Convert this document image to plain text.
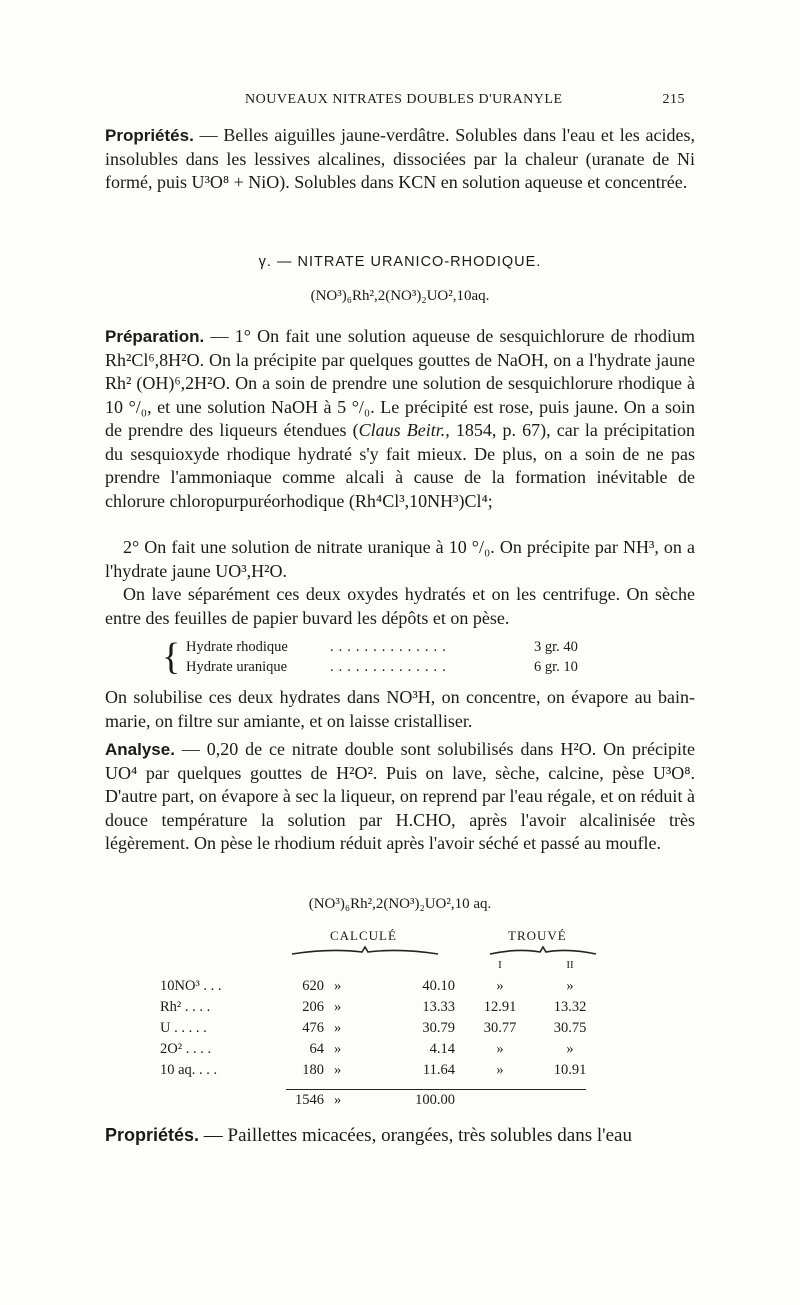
NOUVEAUX NITRATES DOUBLES D'URANYLE	215
Propriétés. — Belles aiguilles jaune-verdâtre. Solubles dans l'eau et les acides, insolubles dans les lessives alcalines, dissociées par la chaleur (uranate de Ni formé, puis U³O⁸ + NiO). Solubles dans KCN en solution aqueuse et concentrée.
γ. — NITRATE URANICO-RHODIQUE.
(NO³)₆Rh²,2(NO³)₂UO²,10aq.
Préparation. — 1° On fait une solution aqueuse de sesquichlorure de rhodium Rh²Cl⁶,8H²O. On la précipite par quelques gouttes de NaOH, on a l'hydrate jaune Rh² (OH)⁶,2H²O. On a soin de prendre une solution de sesquichlorure rhodique à 10 °/₀, et une solution NaOH à 5 °/₀. Le précipité est rose, puis jaune. On a soin de prendre des liqueurs étendues (Claus Beitr., 1854, p. 67), car la précipitation du sesquioxyde rhodique hydraté s'y fait mieux. De plus, on a soin de ne pas prendre l'ammoniaque comme alcali à cause de la formation inévitable de chlorure chloropurpuréorhodique (Rh⁴Cl³,10NH³)Cl⁴;
2° On fait une solution de nitrate uranique à 10 °/₀. On précipite par NH³, on a l'hydrate jaune UO³,H²O.
On lave séparément ces deux oxydes hydratés et on les centrifuge. On sèche entre des feuilles de papier buvard les dépôts et on pèse.
{ Hydrate rhodique	..............	3 gr. 40
Hydrate uranique	..............	6 gr. 10
On solubilise ces deux hydrates dans NO³H, on concentre, on évapore au bain-marie, on filtre sur amiante, et on laisse cristalliser.
Analyse. — 0,20 de ce nitrate double sont solubilisés dans H²O. On précipite UO⁴ par quelques gouttes de H²O². Puis on lave, sèche, calcine, pèse U³O⁸. D'autre part, on évapore à sec la liqueur, on reprend par l'eau régale, et on réduit à douce température la solution par H.CHO, après l'avoir alcalinisée très légèrement. On pèse le rhodium réduit après l'avoir séché et passé au moufle.
(NO³)₆Rh²,2(NO³)₂UO²,10 aq.
CALCULÉ	TROUVÉ
I	II
10NO³ . . .	620 »	40.10	»	»
Rh² . . . .	206 »	13.33	12.91	13.32
U . . . . .	476 »	30.79	30.77	30.75
2O² . . . .	64 »	4.14	»	»
10 aq. . . .	180 »	11.64	»	10.91
1546 »	100.00
Propriétés. — Paillettes micacées, orangées, très solubles dans l'eau
